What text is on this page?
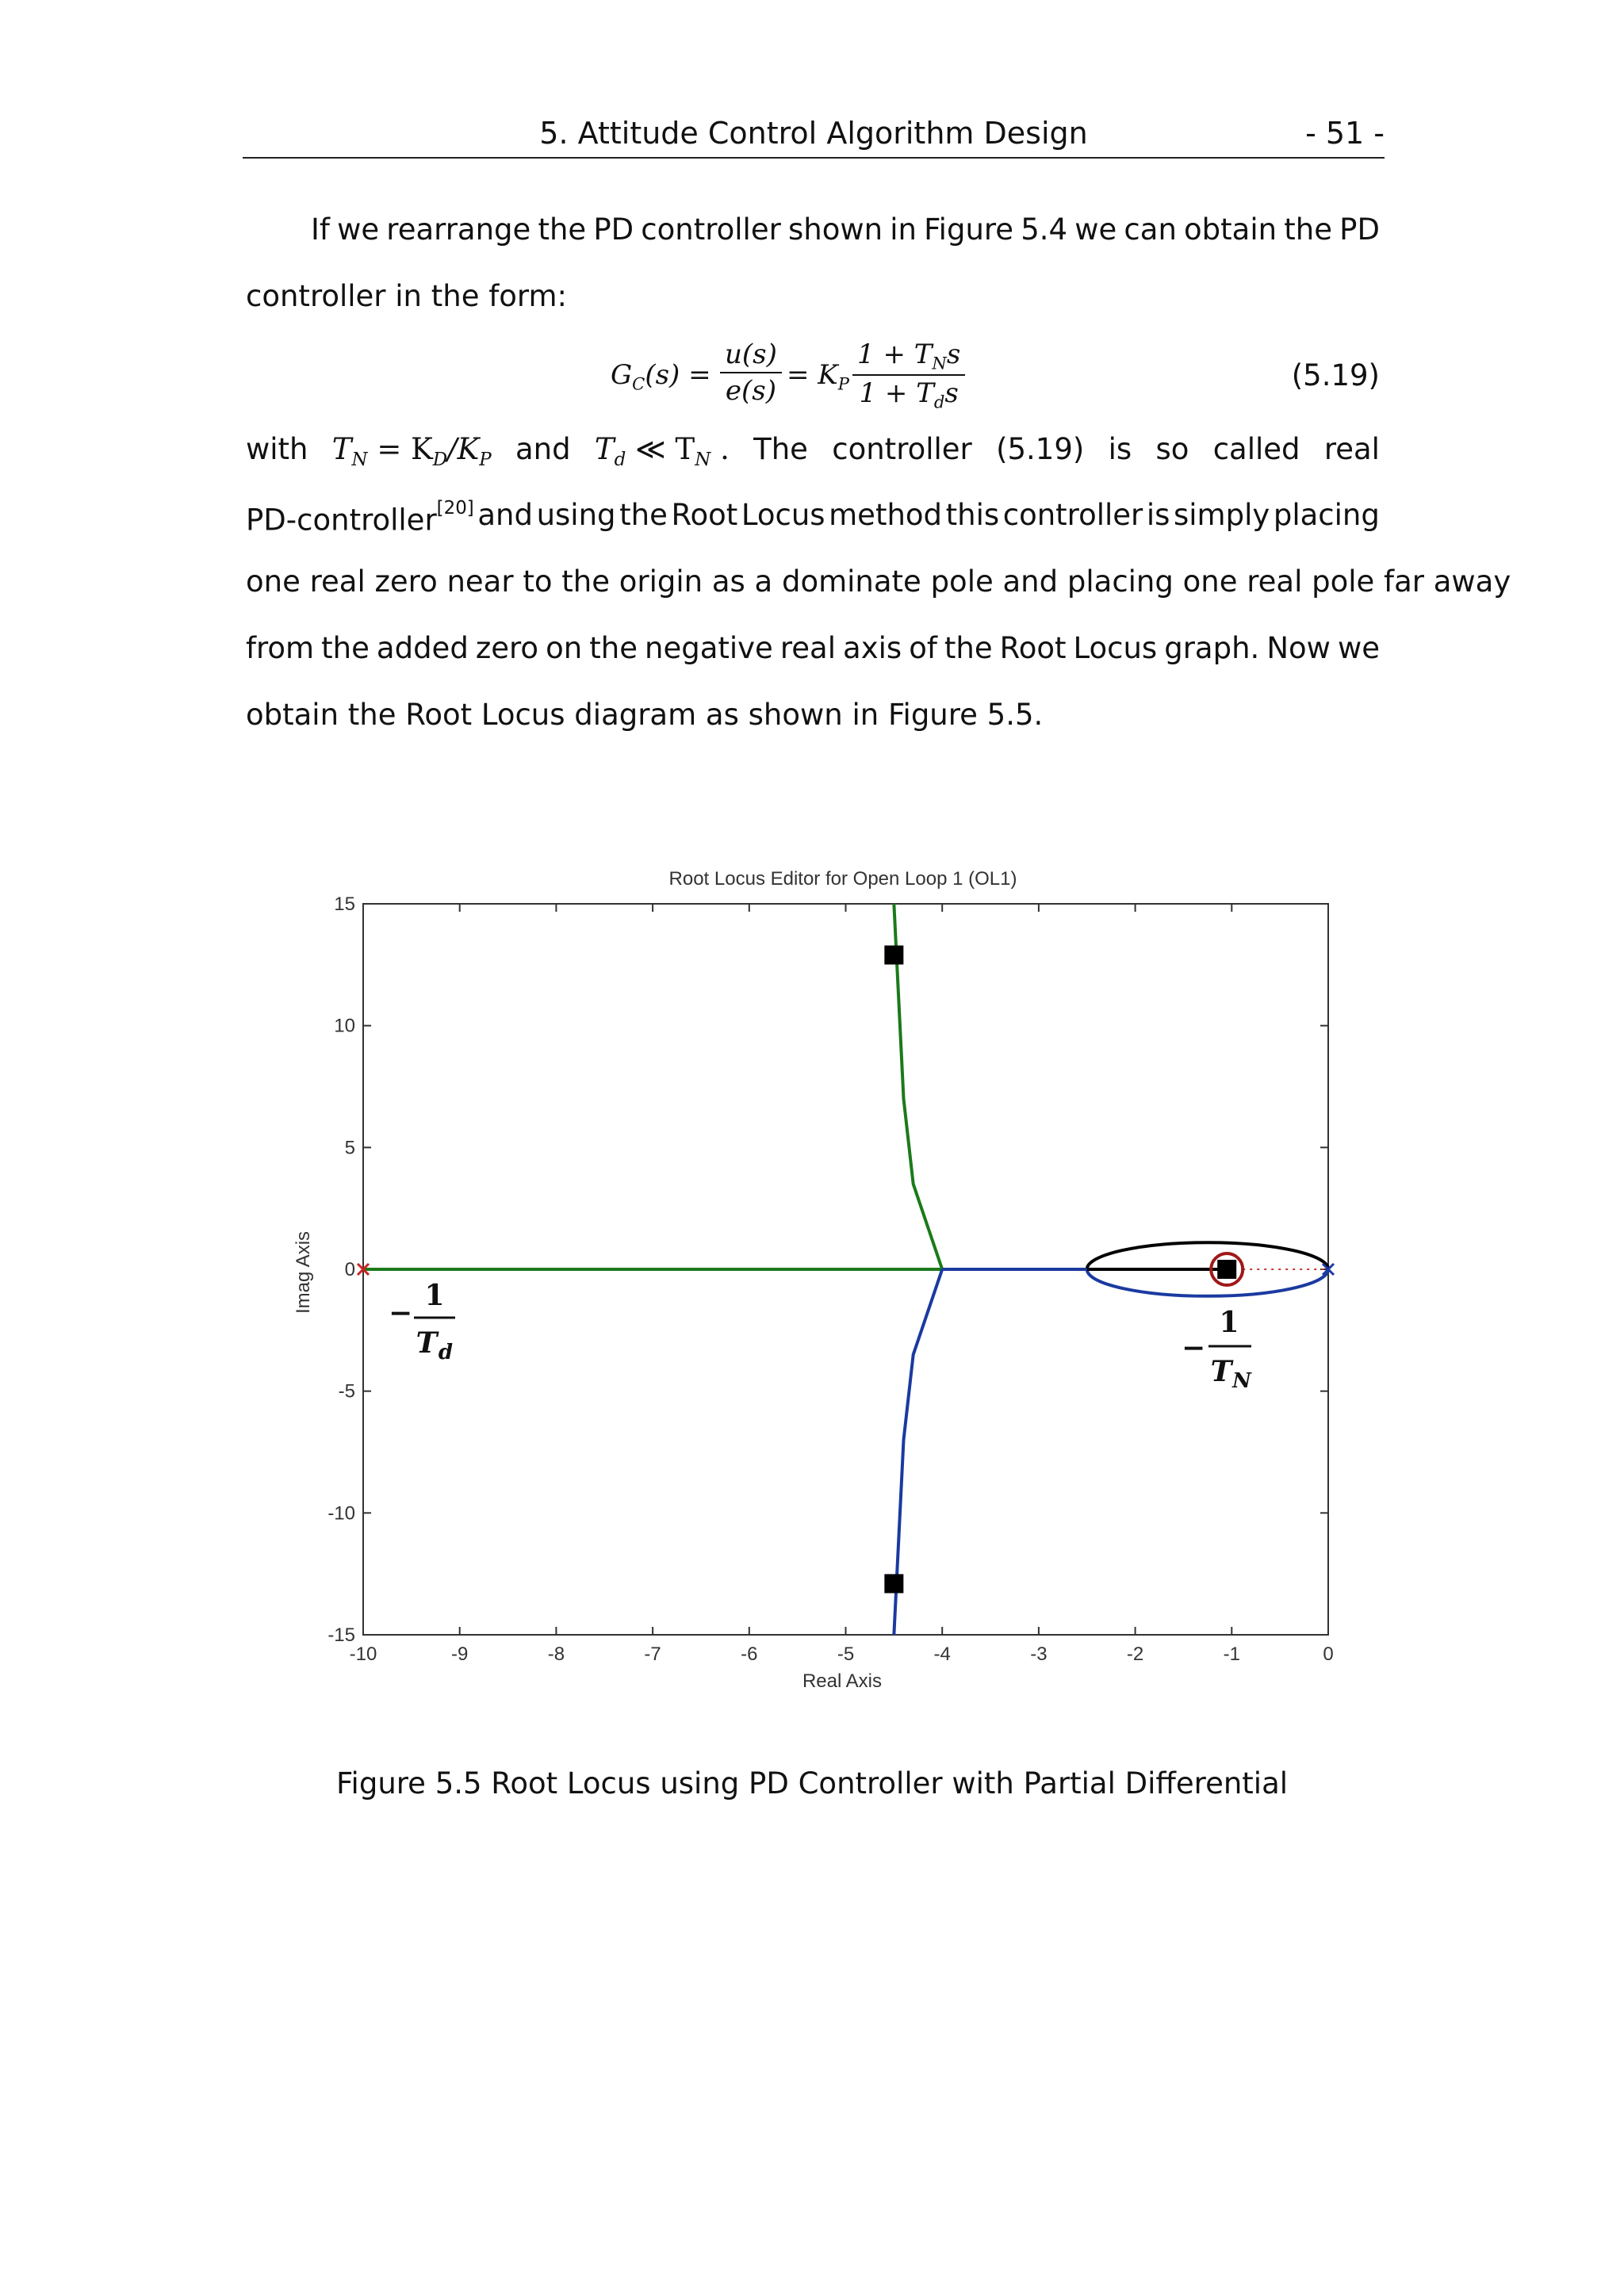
5. Attitude Control Algorithm Design	- 51 -
If we rearrange the PD controller shown in Figure 5.4 we can obtain the PD
controller in the form:
$G_C(s) = \frac{u(s)}{e(s)} = K_P$
$1 + T_Ns$
$1 + T_ds$
(5.19)
with $T_N = K_D/K_P$ and $T_d$ ≪ $T_N$ . The controller (5.19) is so called real
PD-controller[20] and using the Root Locus method this controller is simply placing
one real zero near to the origin as a dominate pole and placing one real pole far away
from the added zero on the negative real axis of the Root Locus graph. Now we
obtain the Root Locus diagram as shown in Figure 5.5.
Root Locus Editor for Open Loop 1 (OL1)
-10	-9	-8	-7	-6	-5	-4	-3	-2	-1	0
-15
-10
-5
0
5
10
15
Real Axis
Imag Axis	−
1
T d	−
1
T N
Figure 5.5 Root Locus using PD Controller with Partial Differential
